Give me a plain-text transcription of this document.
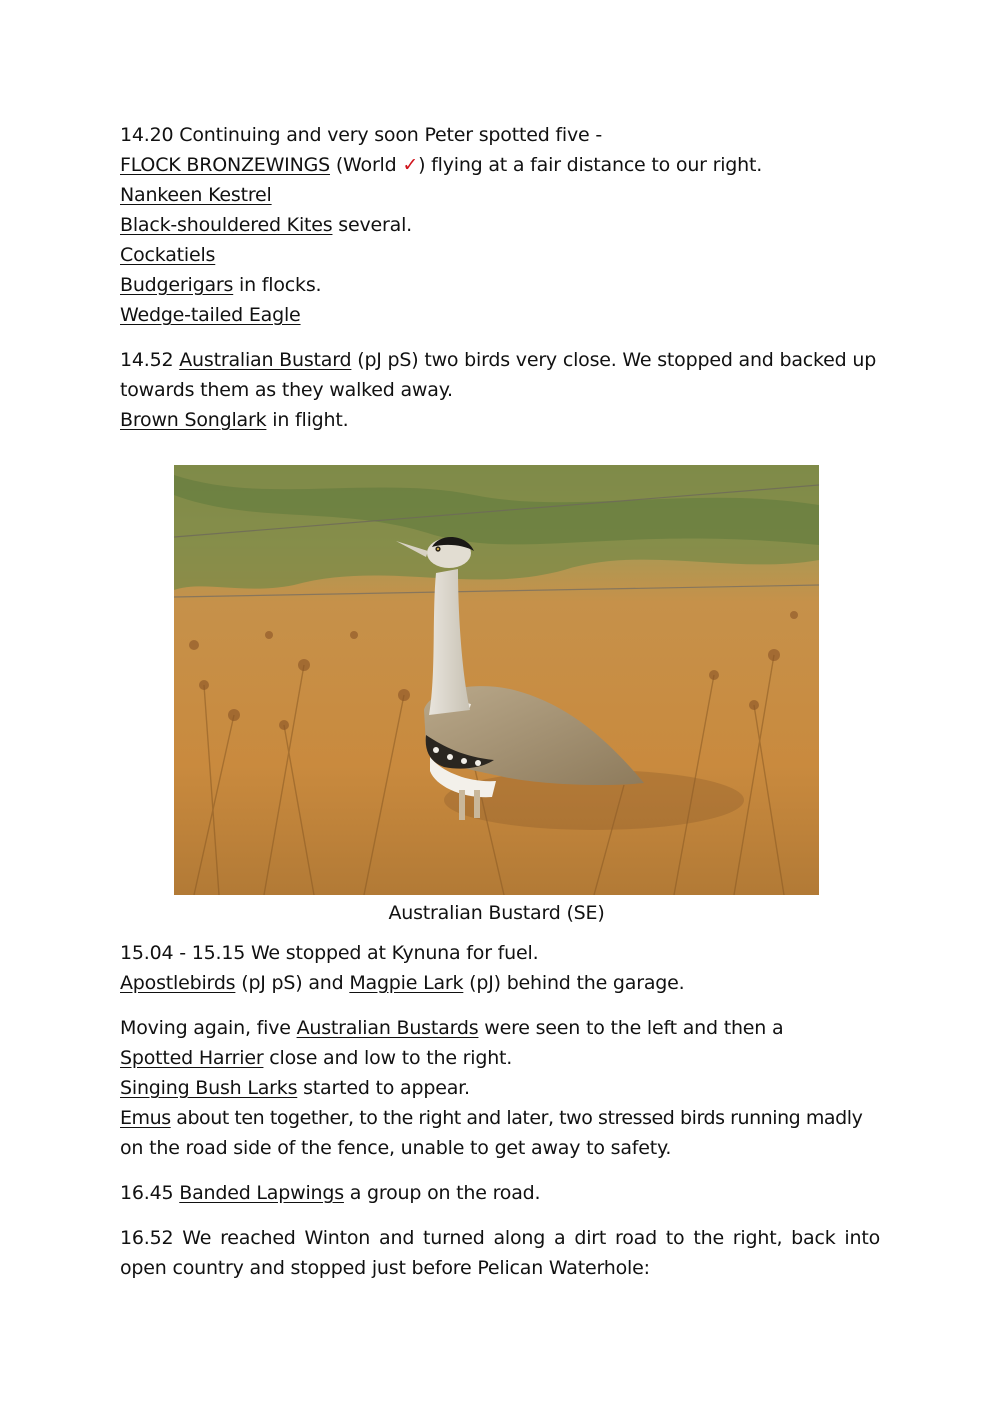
14.20 Continuing and very soon Peter spotted five -
FLOCK BRONZEWINGS (World ✓) flying at a fair distance to our right.
Nankeen Kestrel
Black-shouldered Kites several.
Cockatiels
Budgerigars in flocks.
Wedge-tailed Eagle
14.52 Australian Bustard (pJ pS) two birds very close. We stopped and backed up
towards them as they walked away.
Brown Songlark in flight.
Australian Bustard (SE)
15.04 - 15.15 We stopped at Kynuna for fuel.
Apostlebirds (pJ pS) and Magpie Lark (pJ) behind the garage.
Moving again, five Australian Bustards were seen to the left and then a
Spotted Harrier close and low to the right.
Singing Bush Larks started to appear.
Emus about ten together, to the right and later, two stressed birds running madly
on the road side of the fence, unable to get away to safety.
16.45 Banded Lapwings a group on the road.
16.52 We reached Winton and turned along a dirt road to the right, back into open country and stopped just before Pelican Waterhole:
